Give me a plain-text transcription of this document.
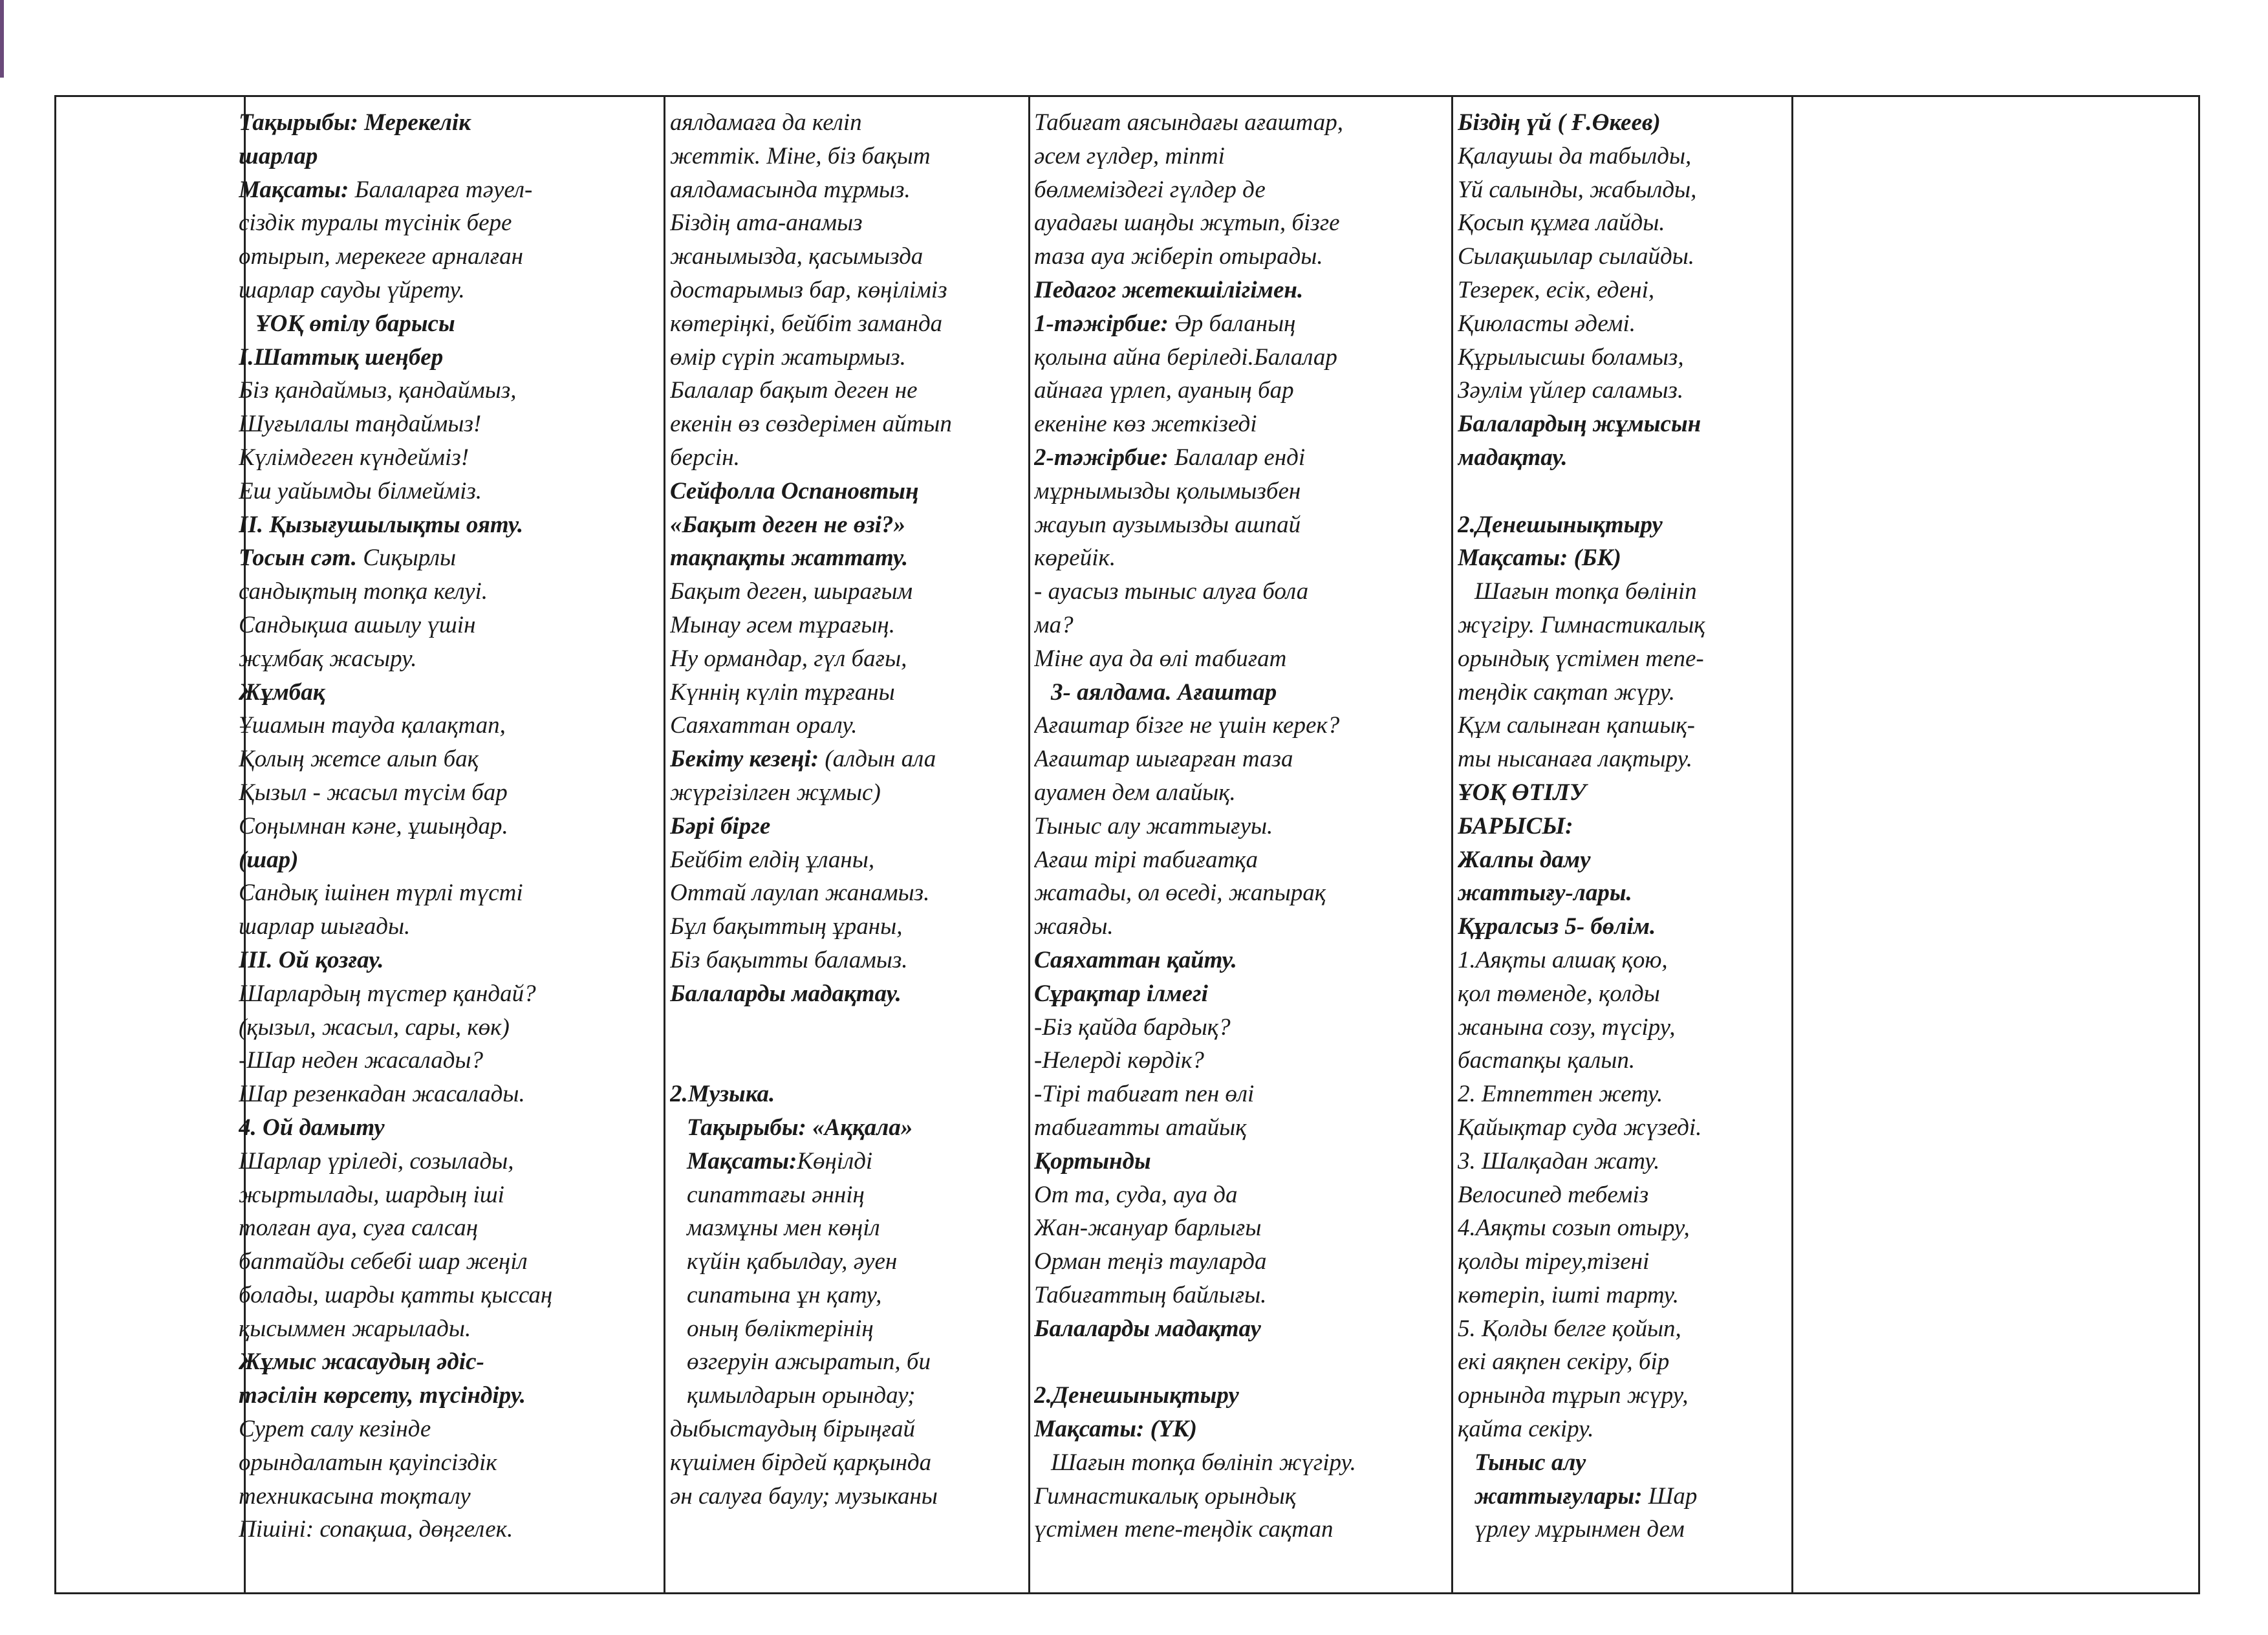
Тақырыбы: Мерекелік

шарлар

Мақсаты: Балаларға тәуел-

сіздік туралы түсінік бере

отырып, мерекеге арналған

шарлар сауды үйрету.

ҰОҚ өтілу барысы

I.Шаттық шеңбер

Біз қандаймыз, қандаймыз,

Шуғылалы таңдаймыз!

Күлімдеген күндейміз!

Еш уайымды білмейміз.

II. Қызығушылықты ояту.

Тосын сәт. Сиқырлы

сандықтың топқа келуі.

Сандықша ашылу үшін

жұмбақ жасыру.

Жұмбақ

Ұшамын тауда қалақтап,

Қолың жетсе алып бақ

Қызыл - жасыл түсім бар

Соңымнан кәне, ұшыңдар.

(шар)

Сандық ішінен түрлі түсті

шарлар шығады.

III. Ой қозғау.

Шарлардың түстер қандай?

(қызыл, жасыл, сары, көк)

-Шар неден жасалады?

Шар резенкадан жасалады.

4. Ой дамыту

Шарлар үріледі, созылады,

жыртылады, шардың іші

толған ауа, суға салсаң

баптайды себебі шар жеңіл

болады, шарды қатты қыссаң

қысыммен жарылады.

Жұмыс жасаудың әдіс-

тәсілін көрсету, түсіндіру.

Сурет салу кезінде

орындалатын қауіпсіздік

техникасына тоқталу

Пішіні: сопақша, дөңгелек.

аялдамаға да келіп

жеттік. Міне, біз бақыт

аялдамасында тұрмыз.

Біздің ата-анамыз

жанымызда, қасымызда

достарымыз бар, көңіліміз

көтеріңкі, бейбіт заманда

өмір сүріп жатырмыз.

Балалар бақыт деген не

екенін өз сөздерімен айтып

берсін.

Сейфолла Оспановтың

«Бақыт деген не өзі?»

тақпақты жаттату.

Бақыт деген, шырағым

Мынау әсем тұрағың.

Ну ормандар, гүл бағы,

Күннің күліп тұрғаны

Саяхаттан оралу.

Бекіту кезеңі: (алдын ала

жүргізілген жұмыс)

Бәрі бірге

Бейбіт елдің ұланы,

Оттай лаулап жанамыз.

Бұл бақыттың ұраны,

Біз бақытты баламыз.

Балаларды мадақтау.

2.Музыка.

Тақырыбы: «Аққала»

Мақсаты:Көңілді

сипаттағы әннің

мазмұны мен көңіл

күйін қабылдау, әуен

сипатына ұн қату,

оның бөліктерінің

өзгеруін ажыратып, би

қимылдарын орындау;

дыбыстаудың бірыңғай

күшімен бірдей қарқында

ән салуға баулу; музыканы

Табиғат аясындағы ағаштар,

әсем гүлдер, тіпті

бөлмеміздегі гүлдер де

ауадағы шаңды жұтып, бізге

таза ауа жіберіп отырады.

Педагог жетекшілігімен.

1-тәжірбие: Әр баланың

қолына айна беріледі.Балалар

айнаға үрлеп, ауаның бар

екеніне көз жеткізеді

2-тәжірбие: Балалар енді

мұрнымызды қолымызбен

жауып аузымызды ашпай

көрейік.

- ауасыз тыныс алуға бола

ма?

Міне ауа да өлі табиғат

3- аялдама. Ағаштар

Ағаштар бізге не үшін керек?

Ағаштар шығарған таза

ауамен дем алайық.

Тыныс алу жаттығуы.

Ағаш тірі табиғатқа

жатады, ол өседі, жапырақ

жаяды.

Саяхаттан қайту.

Сұрақтар ілмегі

-Біз қайда бардық?

-Нелерді көрдік?

-Тірі табиғат пен өлі

табиғатты атайық

Қортынды

От та, суда, ауа да

Жан-жануар барлығы

Орман теңіз тауларда

Табиғаттың байлығы.

Балаларды мадақтау

2.Денешынықтыру

Мақсаты: (ҮК)

Шағын топқа бөлініп жүгіру.

Гимнастикалық орындық

үстімен тепе-теңдік сақтап

Біздің үй ( Ғ.Өкеев)

Қалаушы да табылды,

Үй салынды, жабылды,

Қосып құмға лайды.

Сылақшылар сылайды.

Тезерек, есік, едені,

Қиюласты әдемі.

Құрылысшы боламыз,

Зәулім үйлер саламыз.

Балалардың жұмысын

мадақтау.

2.Денешынықтыру

Мақсаты: (БК)

Шағын топқа бөлініп

жүгіру. Гимнастикалық

орындық үстімен тепе-

теңдік сақтап жүру.

Құм салынған қапшық-

ты нысанаға лақтыру.

ҰОҚ ӨТІЛУ

БАРЫСЫ:

Жалпы даму

жаттығу-лары.

Құралсыз 5- бөлім.

1.Аяқты алшақ қою,

қол төменде, қолды

жанына созу, түсіру,

бастапқы қалып.

2. Етпеттен жету.

Қайықтар суда жүзеді.

3. Шалқадан жату.

Велосипед тебеміз

4.Аяқты созып отыру,

қолды тіреу,тізені

көтеріп, іштi тарту.

5. Қолды белге қойып,

екі аяқпен секіру, бір

орнында тұрып жүру,

қайта секіру.

Тыныс алу

жаттығулары: Шар

үрлеу мұрынмен дем
